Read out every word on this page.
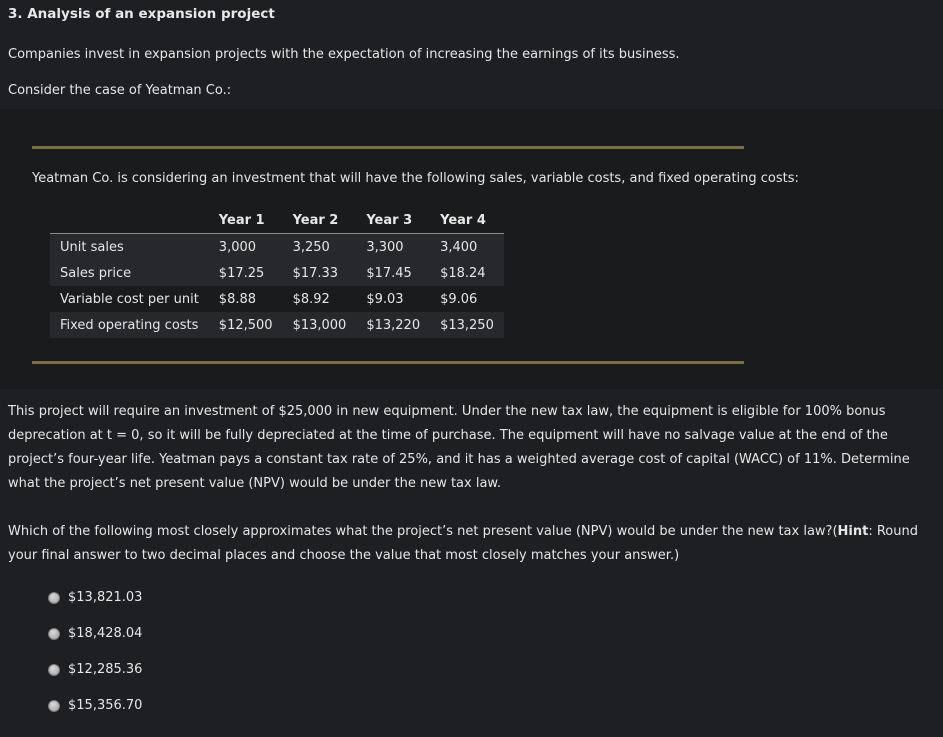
3. Analysis of an expansion project
Companies invest in expansion projects with the expectation of increasing the earnings of its business.
Consider the case of Yeatman Co.:
Yeatman Co. is considering an investment that will have the following sales, variable costs, and fixed operating costs:
	Year 1	Year 2	Year 3	Year 4
Unit sales	3,000	3,250	3,300	3,400
Sales price	$17.25	$17.33	$17.45	$18.24
Variable cost per unit	$8.88	$8.92	$9.03	$9.06
Fixed operating costs	$12,500	$13,000	$13,220	$13,250
This project will require an investment of $25,000 in new equipment. Under the new tax law, the equipment is eligible for 100% bonus deprecation at t = 0, so it will be fully depreciated at the time of purchase. The equipment will have no salvage value at the end of the project’s four-year life. Yeatman pays a constant tax rate of 25%, and it has a weighted average cost of capital (WACC) of 11%. Determine what the project’s net present value (NPV) would be under the new tax law.
Which of the following most closely approximates what the project’s net present value (NPV) would be under the new tax law?(Hint: Round your final answer to two decimal places and choose the value that most closely matches your answer.)
$13,821.03
$18,428.04
$12,285.36
$15,356.70
